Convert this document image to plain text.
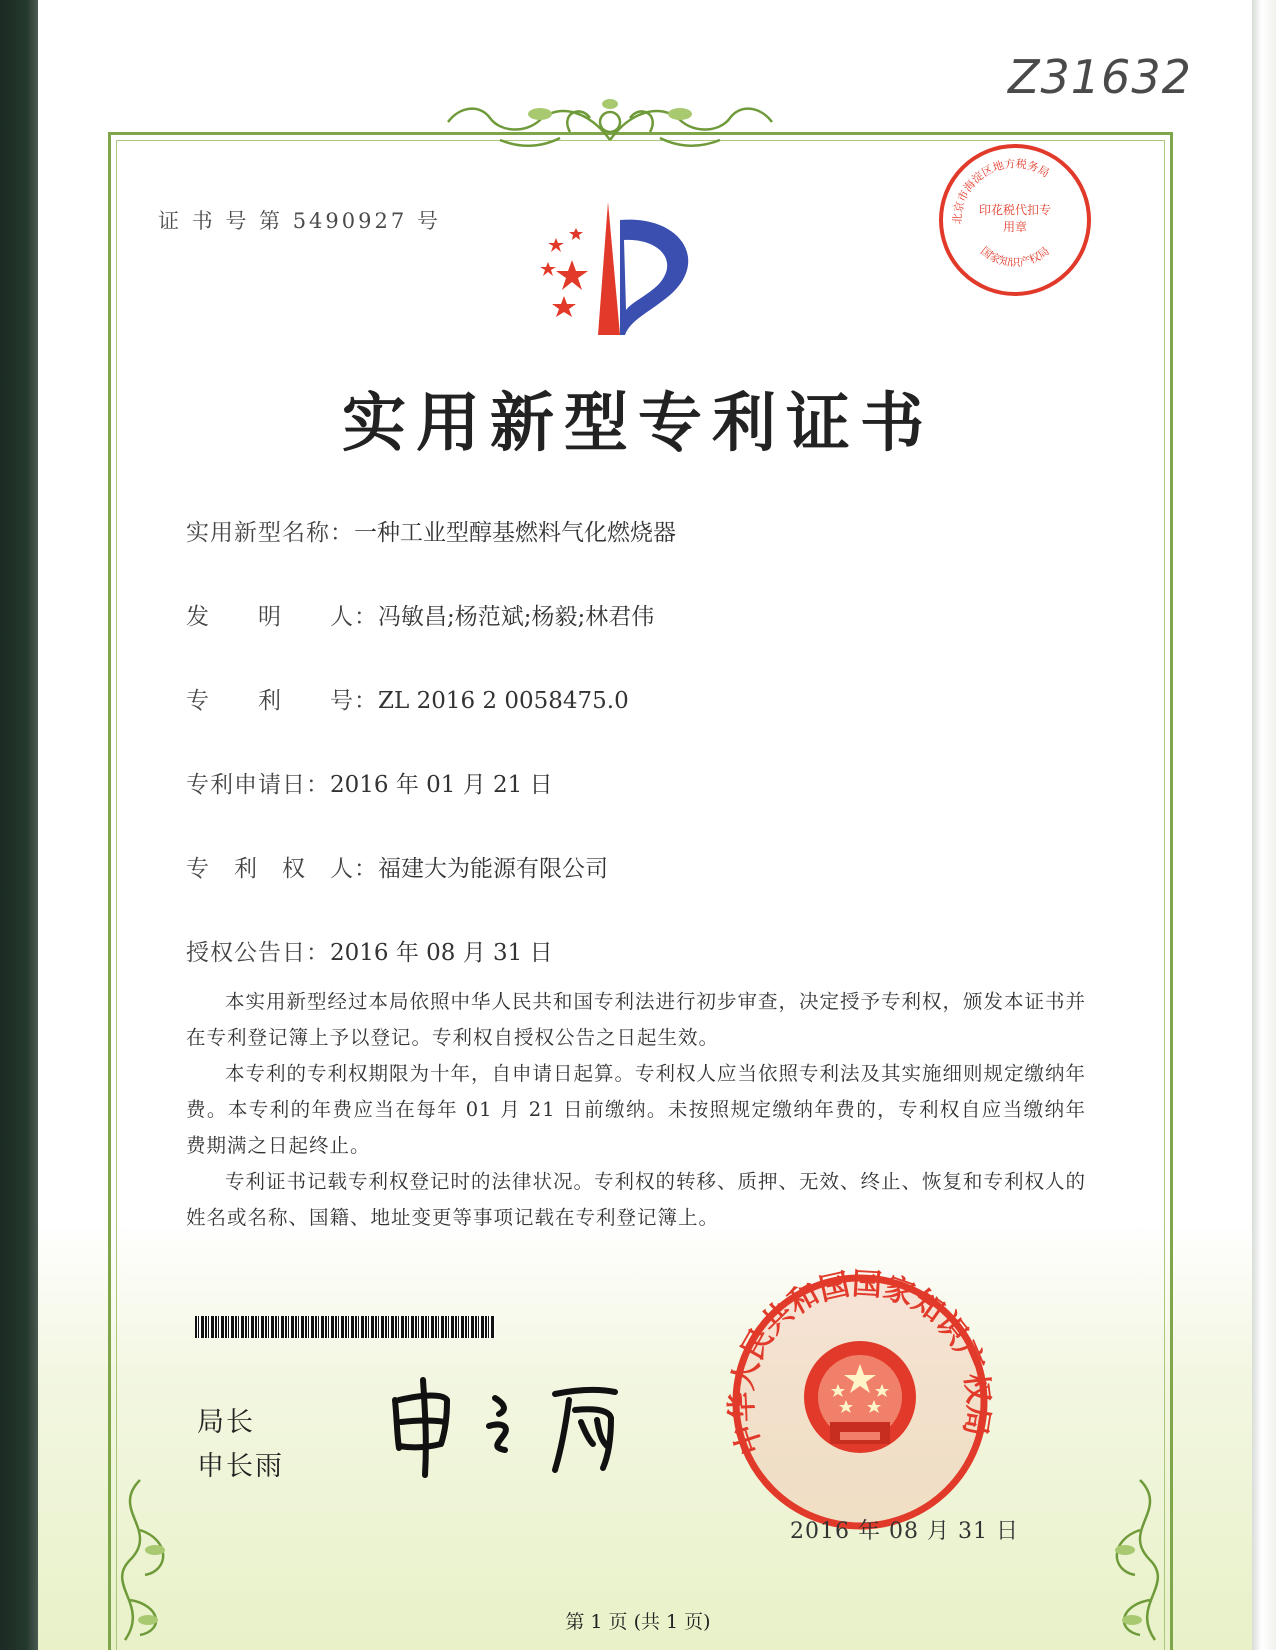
Z31632
证 书 号 第 5490927 号	北京市海淀区地方税务局
国家知识产权局
印花税代扣专用章
实用新型专利证书
实用新型名称：一种工业型醇基燃料气化燃烧器
发　　明　　人：冯敏昌;杨范斌;杨毅;林君伟
专　　利　　号：ZL 2016 2 0058475.0
专利申请日：2016 年 01 月 21 日
专　利　权　人：福建大为能源有限公司
授权公告日：2016 年 08 月 31 日
本实用新型经过本局依照中华人民共和国专利法进行初步审查，决定授予专利权，颁发本证书并在专利登记簿上予以登记。专利权自授权公告之日起生效。
本专利的专利权期限为十年，自申请日起算。专利权人应当依照专利法及其实施细则规定缴纳年费。本专利的年费应当在每年 01 月 21 日前缴纳。未按照规定缴纳年费的，专利权自应当缴纳年费期满之日起终止。
专利证书记载专利权登记时的法律状况。专利权的转移、质押、无效、终止、恢复和专利权人的姓名或名称、国籍、地址变更等事项记载在专利登记簿上。
局长
申长雨
中华人民共和国国家知识产权局
2016 年 08 月 31 日
第 1 页 (共 1 页)
